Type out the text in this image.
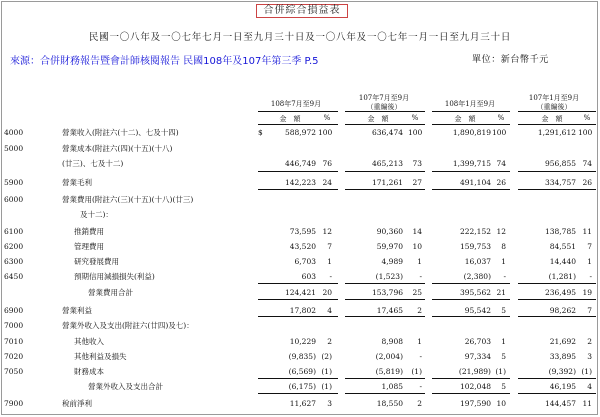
合併綜合損益表
民國一〇八年及一〇七年七月一日至九月三十日及一〇八年及一〇七年一月一日至九月三十日
來源：合併財務報告暨會計師核閱報告 民國108年及107年第三季 P.5	單位：新台幣千元
108年7月至9月
107年7月至9月
（重編後）	108年1月至9月
107年1月至9月
（重編後）
金　額	%	金　額	%	金　額	%	金　額	%
4000	營業收入(附註六(十二)、七及十四)	$	588,972 100	636,474 100	1,890,819 100	1,291,612 100
5000	營業成本(附註六(四)(十五)(十八)
(廿三)、七及十二)	446,749 76	465,213	73	1,399,715 74	956,855 74
5900	營業毛利	142,223 24	171,261	27	491,104 26	334,757 26
6000	營業費用(附註六(三)(十五)(十八)(廿三)
及十二)：
6100	推銷費用	73,595 12	90,360	14	222,152 12	138,785 11
6200	管理費用	43,520	7	59,970	10	159,753	8	84,551	7
6300	研究發展費用	6,703	1	4,989	1	16,037	1	14,440	1
6450	預期信用減損損失(利益)	603	-	(1,523)	-	(2,380)	-	(1,281)	-
營業費用合計	124,421 20	153,796	25	395,562 21	236,495 19
6900	營業利益	17,802	4	17,465	2	95,542	5	98,262	7
7000	營業外收入及支出(附註六(廿四)及七)：
7010	其他收入	10,229	2	8,908	1	26,703	1	21,692	2
7020	其他利益及損失	(9,835) (2)	(2,004)	-	97,334	5	33,895	3
7050	財務成本	(6,569) (1)	(5,819)	(1)	(21,989) (1)	(9,392) (1)
營業外收入及支出合計	(6,175) (1)	1,085	-	102,048	5	46,195	4
7900	稅前淨利	11,627	3	18,550	2	197,590 10	144,457 11
